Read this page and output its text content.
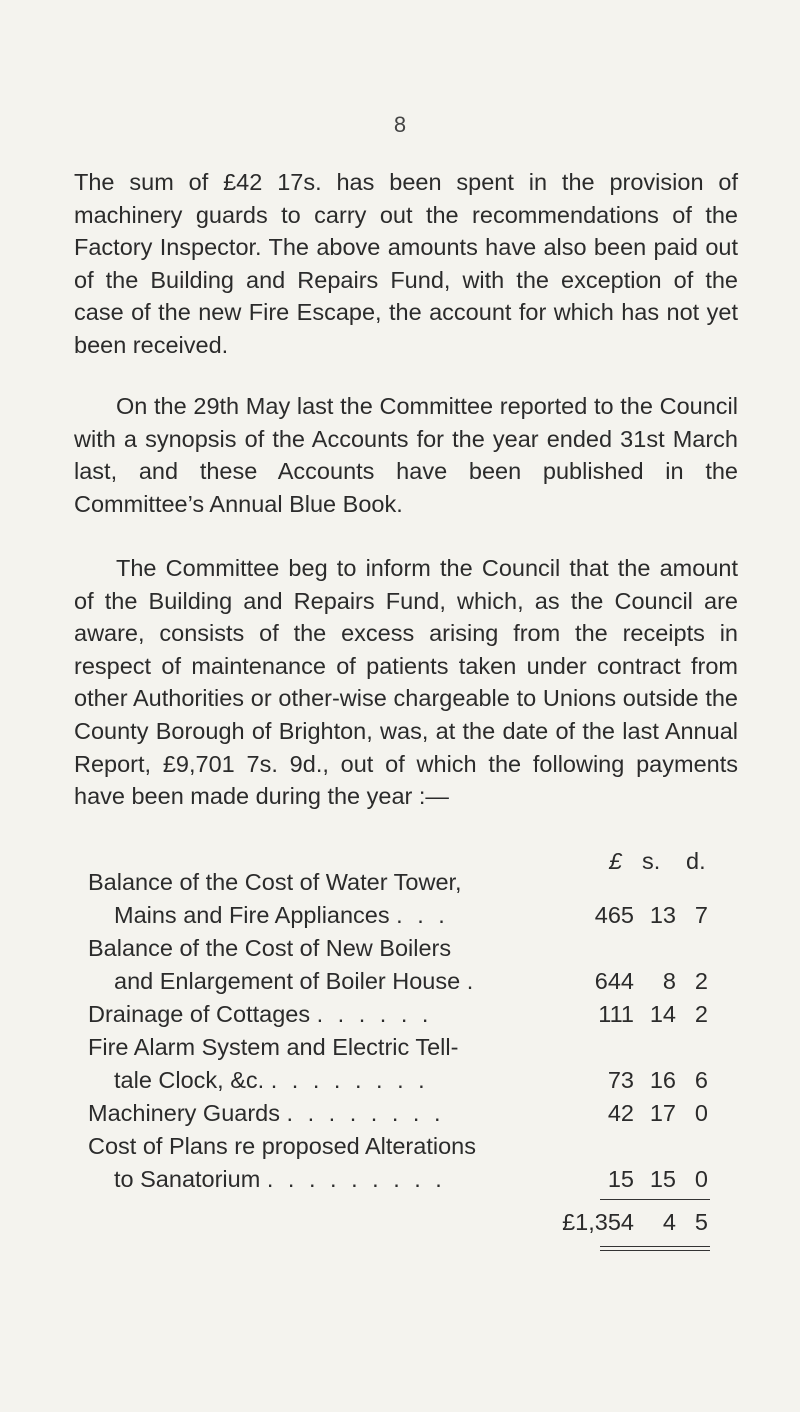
8

The sum of £42 17s. has been spent in the provision of machinery guards to carry out the recommendations of the Factory Inspector. The above amounts have also been paid out of the Building and Repairs Fund, with the exception of the case of the new Fire Escape, the account for which has not yet been received.

On the 29th May last the Committee reported to the Council with a synopsis of the Accounts for the year ended 31st March last, and these Accounts have been published in the Committee’s Annual Blue Book.

The Committee beg to inform the Council that the amount of the Building and Repairs Fund, which, as the Council are aware, consists of the excess arising from the receipts in respect of maintenance of patients taken under contract from other Authorities or other-wise chargeable to Unions outside the County Borough of Brighton, was, at the date of the last Annual Report, £9,701 7s. 9d., out of which the following payments have been made during the year :—

£ s. d.
Balance of the Cost of Water Tower,
Mains and Fire Appliances . . .	465 13 7
Balance of the Cost of New Boilers
and Enlargement of Boiler House .	644	8 2
Drainage of Cottages . . . . . .	111 14 2
Fire Alarm System and Electric Tell-
tale Clock, &c. . . . . . . . .	73 16 6
Machinery Guards . . . . . . . .	42 17 0
Cost of Plans re proposed Alterations
to Sanatorium . . . . . . . . .	15 15 0
£1,354	4 5
